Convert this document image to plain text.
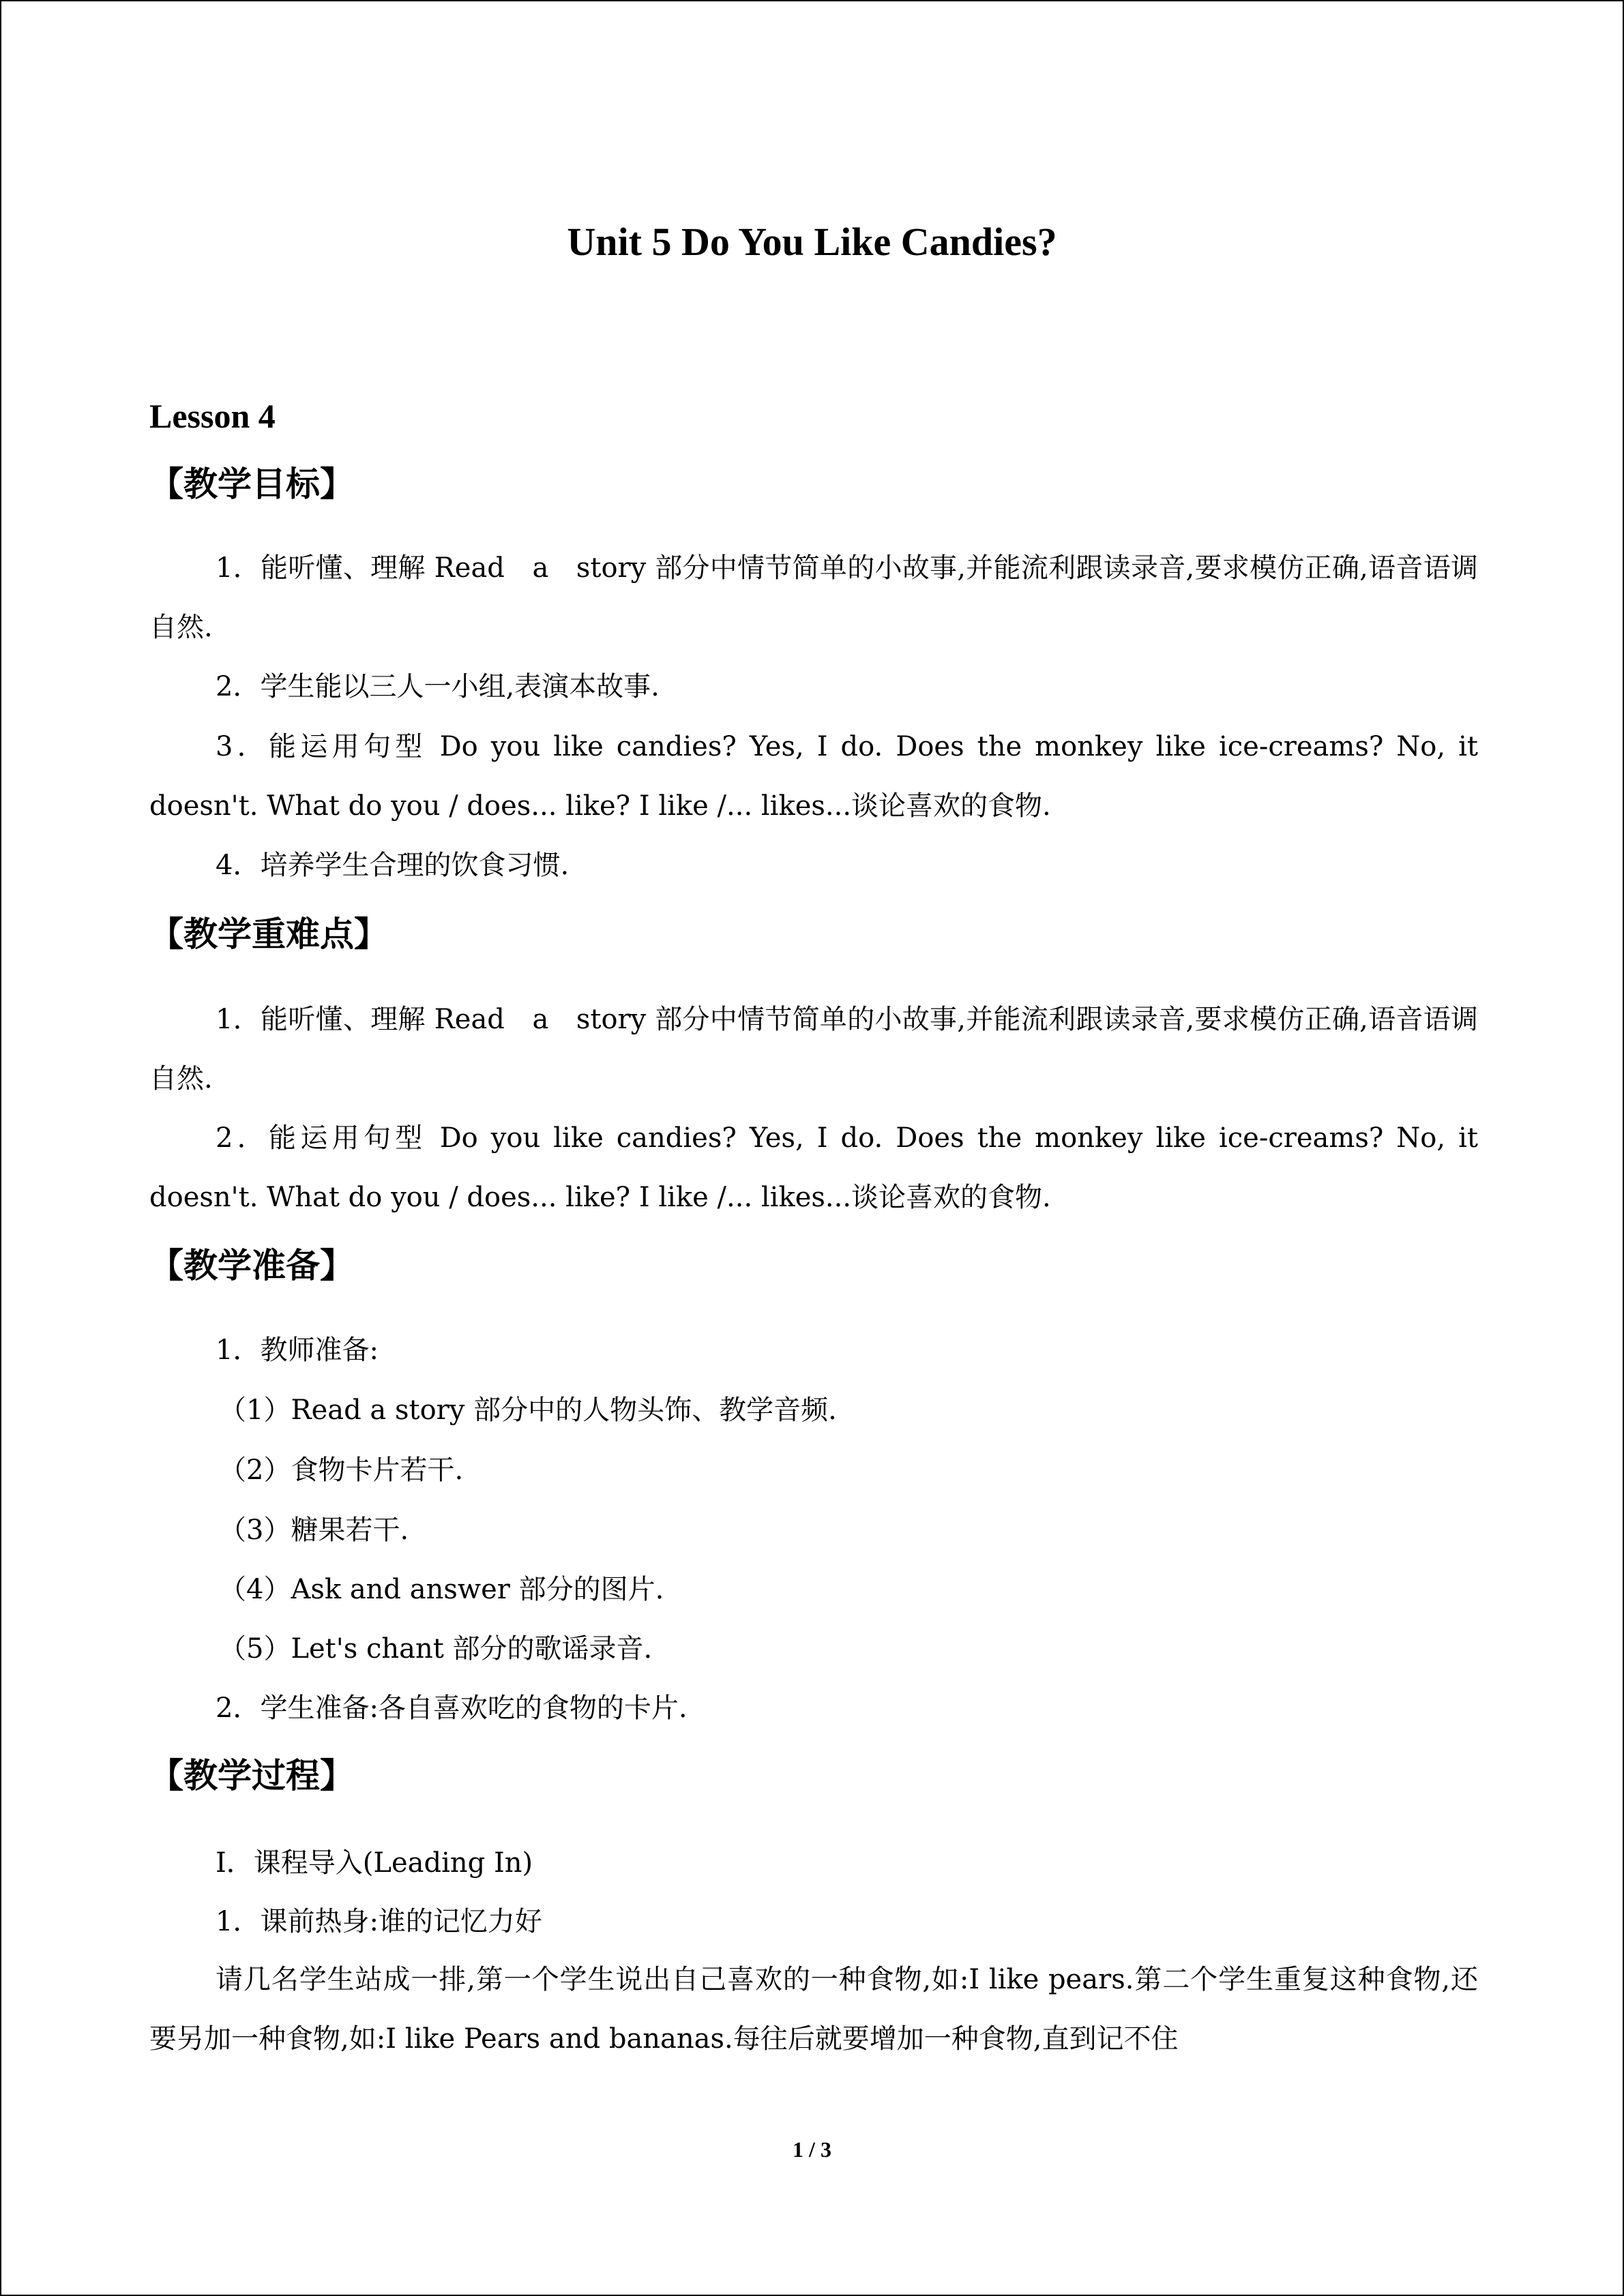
Unit 5 Do You Like Candies?
Lesson 4
【教学目标】
1．能听懂、理解 Read　a　story 部分中情节简单的小故事,并能流利跟读录音,要求模仿正确,语音语调自然.
2．学生能以三人一小组,表演本故事.
3．能运用句型 Do you like candies? Yes, I do. Does the monkey like ice-creams? No, it doesn't. What do you / does... like? I like /... likes...谈论喜欢的食物.
4．培养学生合理的饮食习惯.
【教学重难点】
1．能听懂、理解 Read　a　story 部分中情节简单的小故事,并能流利跟读录音,要求模仿正确,语音语调自然.
2．能运用句型 Do you like candies? Yes, I do. Does the monkey like ice-creams? No, it doesn't. What do you / does... like? I like /... likes...谈论喜欢的食物.
【教学准备】
1．教师准备:
（1）Read a story 部分中的人物头饰、教学音频.
（2）食物卡片若干.
（3）糖果若干.
（4）Ask and answer 部分的图片.
（5）Let's chant 部分的歌谣录音.
2．学生准备:各自喜欢吃的食物的卡片.
【教学过程】
Ⅰ．课程导入(Leading In)
1．课前热身:谁的记忆力好
请几名学生站成一排,第一个学生说出自己喜欢的一种食物,如:I like pears.第二个学生重复这种食物,还要另加一种食物,如:I like Pears and bananas.每往后就要增加一种食物,直到记不住
1 / 3
